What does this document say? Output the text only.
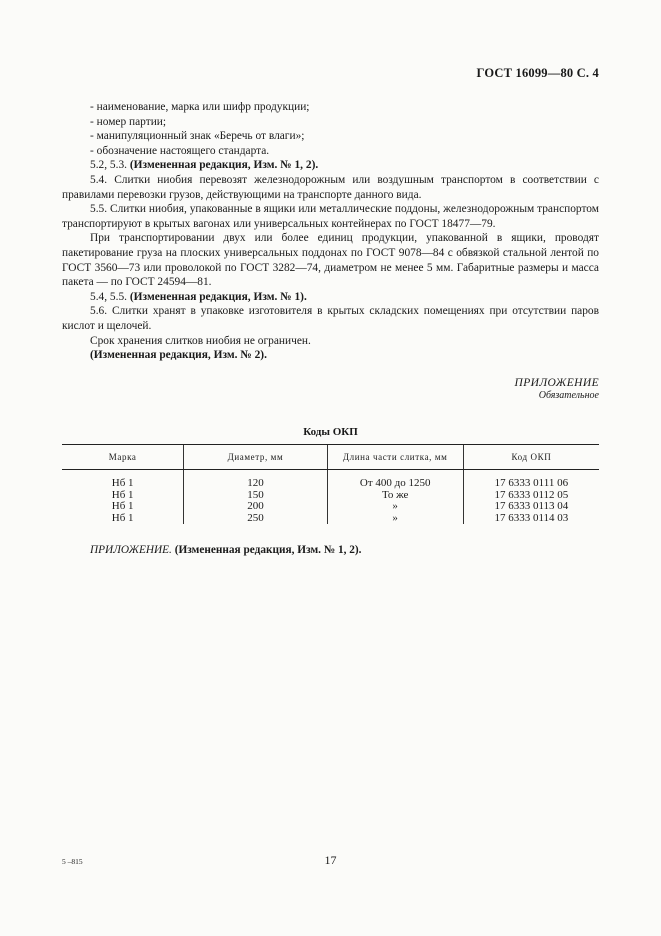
ГОСТ 16099—80 С. 4

- наименование, марка или шифр продукции;

- номер партии;

- манипуляционный знак «Беречь от влаги»;

- обозначение настоящего стандарта.

5.2, 5.3. (Измененная редакция, Изм. № 1, 2).

5.4. Слитки ниобия перевозят железнодорожным или воздушным транспортом в соответствии с правилами перевозки грузов, действующими на транспорте данного вида.

5.5. Слитки ниобия, упакованные в ящики или металлические поддоны, железнодорожным транспортом транспортируют в крытых вагонах или универсальных контейнерах по ГОСТ 18477—79.

При транспортировании двух или более единиц продукции, упакованной в ящики, проводят пакетирование груза на плоских универсальных поддонах по ГОСТ 9078—84 с обвязкой стальной лентой по ГОСТ 3560—73 или проволокой по ГОСТ 3282—74, диаметром не менее 5 мм. Габаритные размеры и масса пакета — по ГОСТ 24594—81.

5.4, 5.5. (Измененная редакция, Изм. № 1).

5.6. Слитки хранят в упаковке изготовителя в крытых складских помещениях при отсутствии паров кислот и щелочей.

Срок хранения слитков ниобия не ограничен.

(Измененная редакция, Изм. № 2).

ПРИЛОЖЕНИЕ
Обязательное
Коды ОКП
Марка	Диаметр, мм	Длина части слитка, мм	Код ОКП
Нб 1	120	От 400 до 1250	17 6333 0111 06
Нб 1	150	То же	17 6333 0112 05
Нб 1	200	»	17 6333 0113 04
Нб 1	250	»	17 6333 0114 03
ПРИЛОЖЕНИЕ. (Измененная редакция, Изм. № 1, 2).
5 –815	17
